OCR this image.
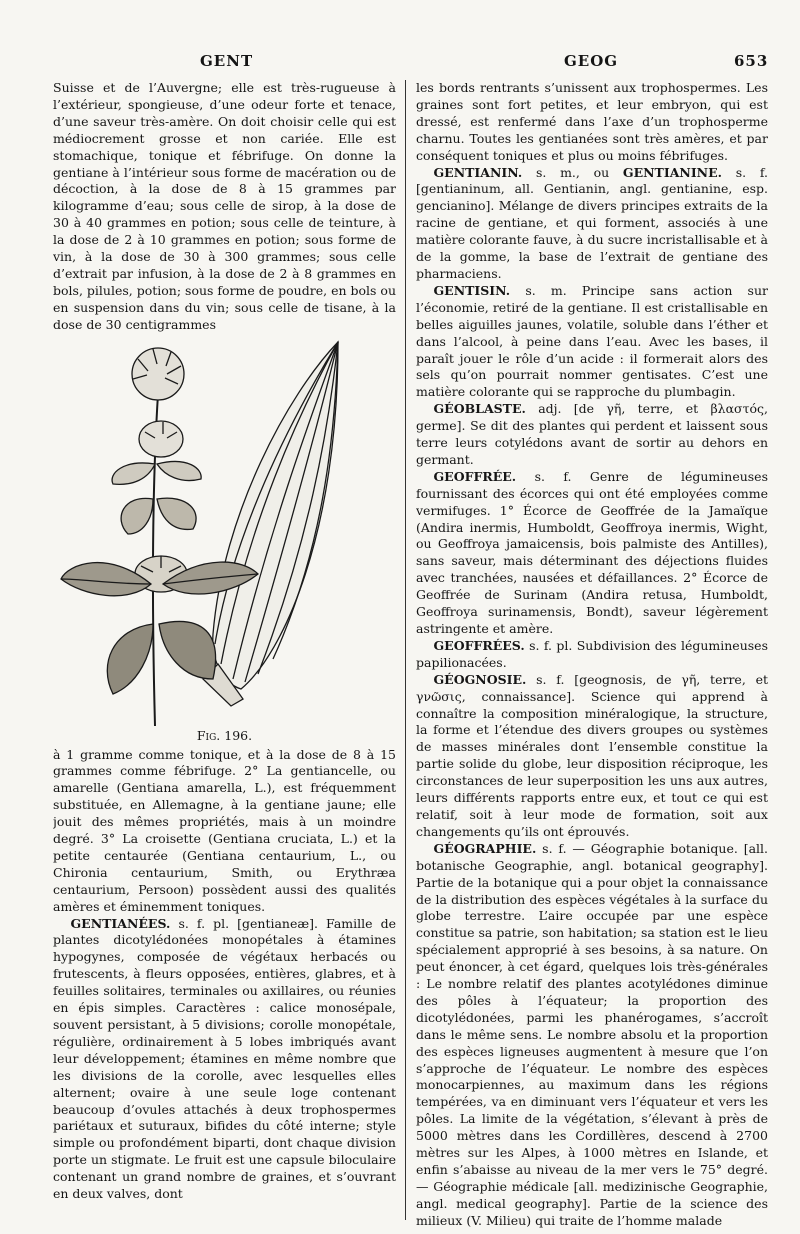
GENT	GEOG	653

Suisse et de l’Auvergne; elle est très-rugueuse à l’extérieur, spongieuse, d’une odeur forte et tenace, d’une saveur très-amère. On doit choisir celle qui est médiocrement grosse et non cariée. Elle est stomachique, tonique et fébrifuge. On donne la gentiane à l’intérieur sous forme de macération ou de décoction, à la dose de 8 à 15 grammes par kilogramme d’eau; sous celle de sirop, à la dose de 30 à 40 grammes en potion; sous celle de teinture, à la dose de 2 à 10 grammes en potion; sous forme de vin, à la dose de 30 à 300 grammes; sous celle d’extrait par infusion, à la dose de 2 à 8 grammes en bols, pilules, potion; sous forme de poudre, en bols ou en suspension dans du vin; sous celle de tisane, à la dose de 30 centigrammes

Fig. 196.

à 1 gramme comme tonique, et à la dose de 8 à 15 grammes comme fébrifuge. 2° La gentiancelle, ou amarelle (Gentiana amarella, L.), est fréquemment substituée, en Allemagne, à la gentiane jaune; elle jouit des mêmes propriétés, mais à un moindre degré. 3° La croisette (Gentiana cruciata, L.) et la petite centaurée (Gentiana centaurium, L., ou Chironia centaurium, Smith, ou Erythræa centaurium, Persoon) possèdent aussi des qualités amères et éminemment toniques.

GENTIANÉES. s. f. pl. [gentianeæ]. Famille de plantes dicotylédonées monopétales à étamines hypogynes, composée de végétaux herbacés ou frutescents, à fleurs opposées, entières, glabres, et à feuilles solitaires, terminales ou axillaires, ou réunies en épis simples. Caractères : calice monosépale, souvent persistant, à 5 divisions; corolle monopétale, régulière, ordinairement à 5 lobes imbriqués avant leur développement; étamines en même nombre que les divisions de la corolle, avec lesquelles elles alternent; ovaire à une seule loge contenant beaucoup d’ovules attachés à deux trophospermes pariétaux et suturaux, bifides du côté interne; style simple ou profondément biparti, dont chaque division porte un stigmate. Le fruit est une capsule biloculaire contenant un grand nombre de graines, et s’ouvrant en deux valves, dont

les bords rentrants s’unissent aux trophospermes. Les graines sont fort petites, et leur embryon, qui est dressé, est renfermé dans l’axe d’un trophosperme charnu. Toutes les gentianées sont très amères, et par conséquent toniques et plus ou moins fébrifuges.

GENTIANIN. s. m., ou GENTIANINE. s. f. [gentianinum, all. Gentianin, angl. gentianine, esp. gencianino]. Mélange de divers principes extraits de la racine de gentiane, et qui forment, associés à une matière colorante fauve, à du sucre incristallisable et à de la gomme, la base de l’extrait de gentiane des pharmaciens.

GENTISIN. s. m. Principe sans action sur l’économie, retiré de la gentiane. Il est cristallisable en belles aiguilles jaunes, volatile, soluble dans l’éther et dans l’alcool, à peine dans l’eau. Avec les bases, il paraît jouer le rôle d’un acide : il formerait alors des sels qu’on pourrait nommer gentisates. C’est une matière colorante qui se rapproche du plumbagin.

GÉOBLASTE. adj. [de γῆ, terre, et βλαστός, germe]. Se dit des plantes qui perdent et laissent sous terre leurs cotylédons avant de sortir au dehors en germant.

GEOFFRÉE. s. f. Genre de légumineuses fournissant des écorces qui ont été employées comme vermifuges. 1° Écorce de Geoffrée de la Jamaïque (Andira inermis, Humboldt, Geoffroya inermis, Wight, ou Geoffroya jamaicensis, bois palmiste des Antilles), sans saveur, mais déterminant des déjections fluides avec tranchées, nausées et défaillances. 2° Écorce de Geoffrée de Surinam (Andira retusa, Humboldt, Geoffroya surinamensis, Bondt), saveur légèrement astringente et amère.

GEOFFRÉES. s. f. pl. Subdivision des légumineuses papilionacées.

GÉOGNOSIE. s. f. [geognosis, de γῆ, terre, et γνῶσις, connaissance]. Science qui apprend à connaître la composition minéralogique, la structure, la forme et l’étendue des divers groupes ou systèmes de masses minérales dont l’ensemble constitue la partie solide du globe, leur disposition réciproque, les circonstances de leur superposition les uns aux autres, leurs différents rapports entre eux, et tout ce qui est relatif, soit à leur mode de formation, soit aux changements qu’ils ont éprouvés.

GÉOGRAPHIE. s. f. — Géographie botanique. [all. botanische Geographie, angl. botanical geography]. Partie de la botanique qui a pour objet la connaissance de la distribution des espèces végétales à la surface du globe terrestre. L’aire occupée par une espèce constitue sa patrie, son habitation; sa station est le lieu spécialement approprié à ses besoins, à sa nature. On peut énoncer, à cet égard, quelques lois très-générales : Le nombre relatif des plantes acotylédones diminue des pôles à l’équateur; la proportion des dicotylédonées, parmi les phanérogames, s’accroît dans le même sens. Le nombre absolu et la proportion des espèces ligneuses augmentent à mesure que l’on s’approche de l’équateur. Le nombre des espèces monocarpiennes, au maximum dans les régions tempérées, va en diminuant vers l’équateur et vers les pôles. La limite de la végétation, s’élevant à près de 5000 mètres dans les Cordillères, descend à 2700 mètres sur les Alpes, à 1000 mètres en Islande, et enfin s’abaisse au niveau de la mer vers le 75° degré. — Géographie médicale [all. medizinische Geographie, angl. medical geography]. Partie de la science des milieux (V. Milieu) qui traite de l’homme malade
